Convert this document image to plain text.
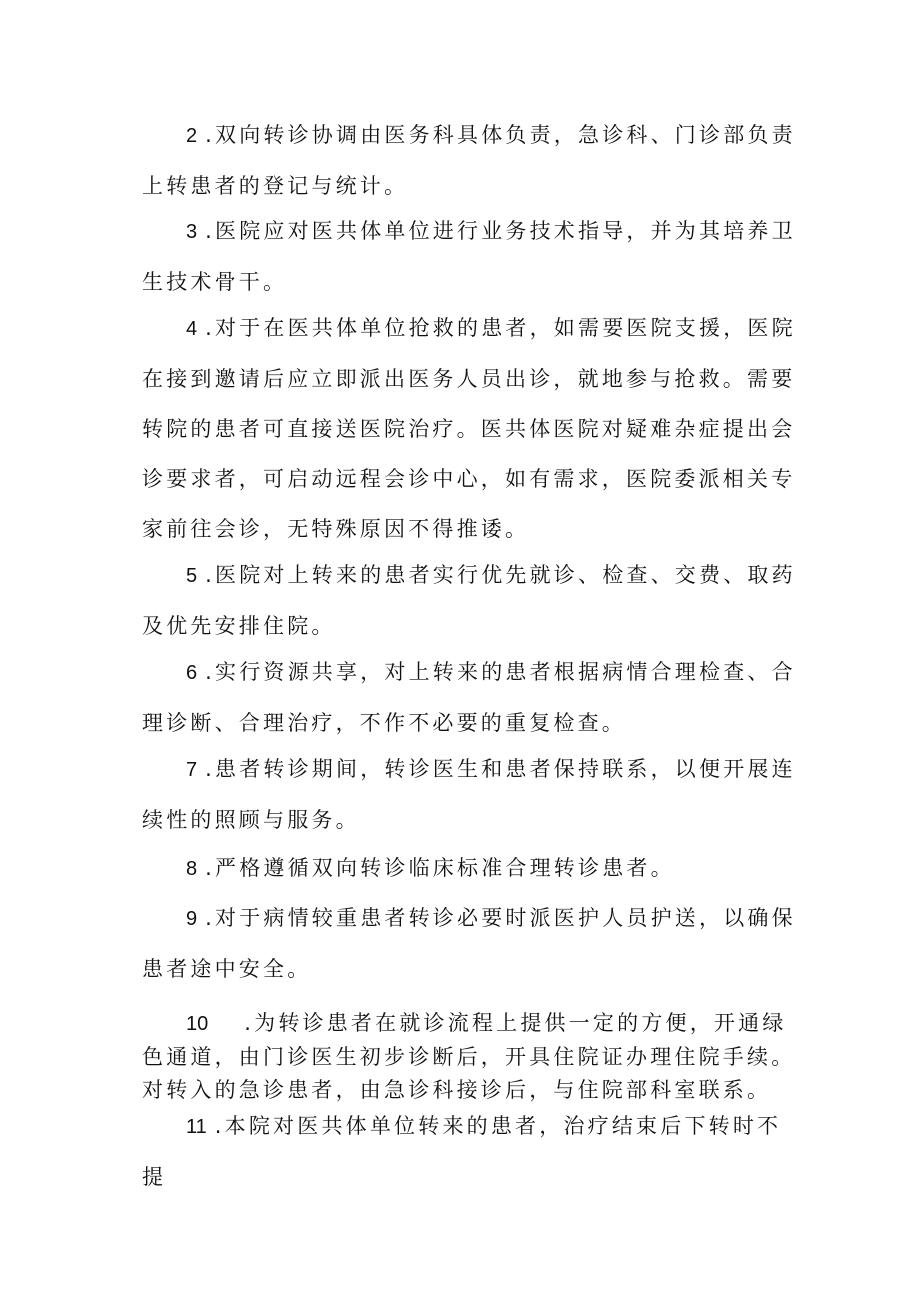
2 .双向转诊协调由医务科具体负责，急诊科、门诊部负责上转患者的登记与统计。

3 .医院应对医共体单位进行业务技术指导，并为其培养卫生技术骨干。

4 .对于在医共体单位抢救的患者，如需要医院支援，医院在接到邀请后应立即派出医务人员出诊，就地参与抢救。需要转院的患者可直接送医院治疗。医共体医院对疑难杂症提出会诊要求者，可启动远程会诊中心，如有需求，医院委派相关专家前往会诊，无特殊原因不得推诿。

5 .医院对上转来的患者实行优先就诊、检查、交费、取药及优先安排住院。

6 .实行资源共享，对上转来的患者根据病情合理检查、合理诊断、合理治疗，不作不必要的重复检查。

7 .患者转诊期间，转诊医生和患者保持联系，以便开展连续性的照顾与服务。

8 .严格遵循双向转诊临床标准合理转诊患者。

9 .对于病情较重患者转诊必要时派医护人员护送，以确保患者途中安全。

10 .为转诊患者在就诊流程上提供一定的方便，开通绿色通道，由门诊医生初步诊断后，开具住院证办理住院手续。对转入的急诊患者，由急诊科接诊后，与住院部科室联系。

11 .本院对医共体单位转来的患者，治疗结束后下转时不提
